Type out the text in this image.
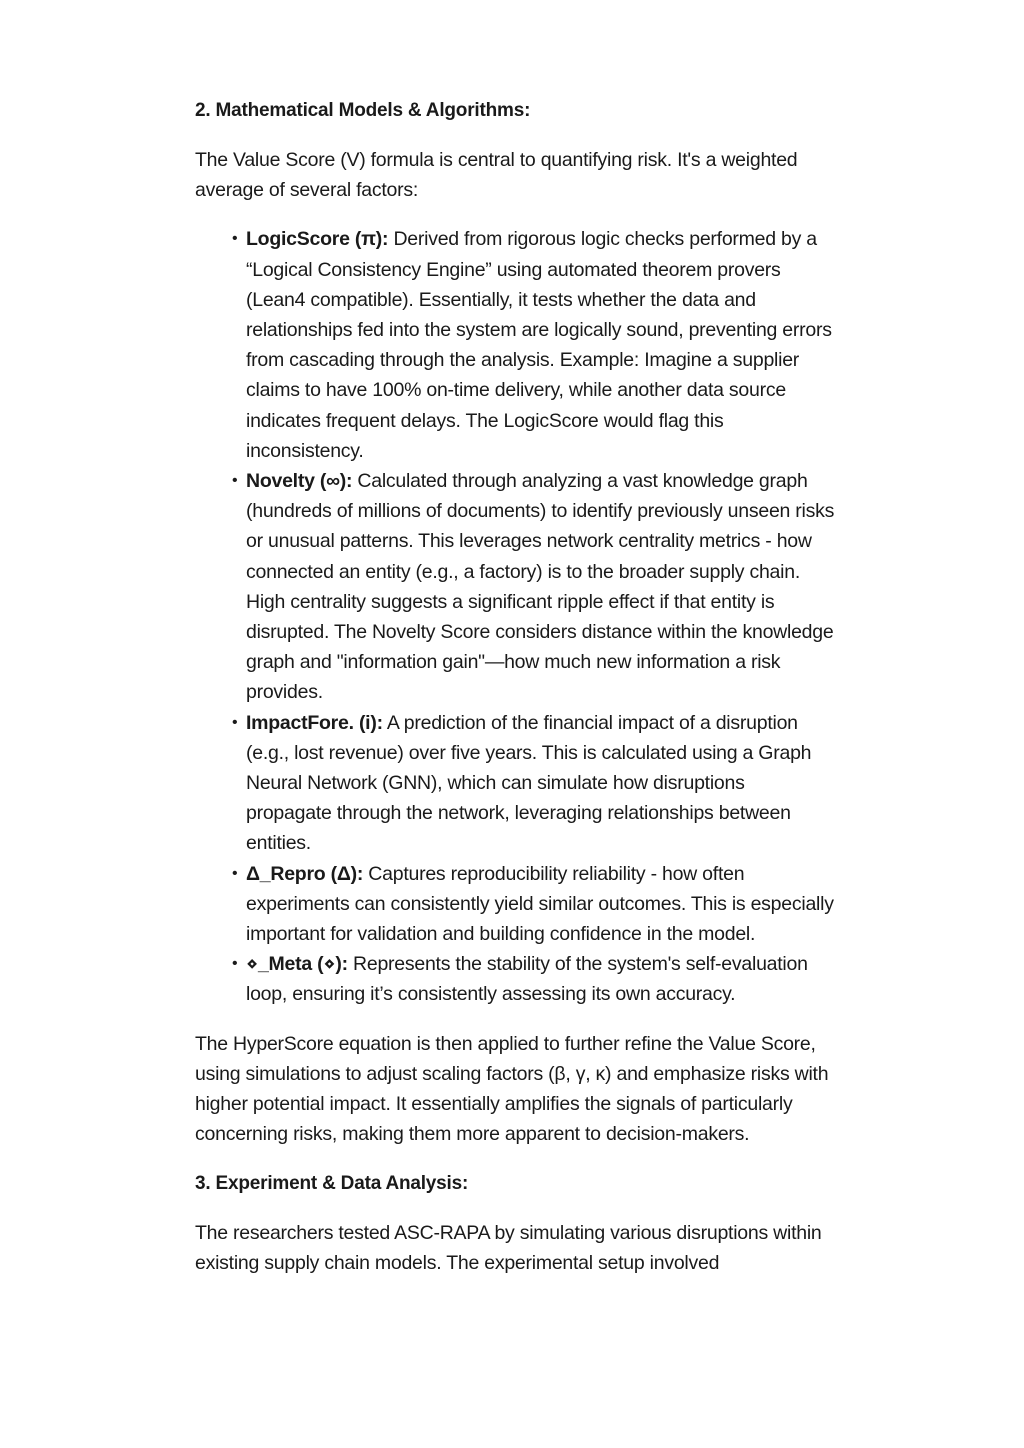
2. Mathematical Models & Algorithms:

The Value Score (V) formula is central to quantifying risk. It's a weighted average of several factors:

• LogicScore (π): Derived from rigorous logic checks performed by a “Logical Consistency Engine” using automated theorem provers (Lean4 compatible). Essentially, it tests whether the data and relationships fed into the system are logically sound, preventing errors from cascading through the analysis. Example: Imagine a supplier claims to have 100% on-time delivery, while another data source indicates frequent delays. The LogicScore would flag this inconsistency.
• Novelty (∞): Calculated through analyzing a vast knowledge graph (hundreds of millions of documents) to identify previously unseen risks or unusual patterns. This leverages network centrality metrics - how connected an entity (e.g., a factory) is to the broader supply chain. High centrality suggests a significant ripple effect if that entity is disrupted. The Novelty Score considers distance within the knowledge graph and "information gain"—how much new information a risk provides.
• ImpactFore. (i): A prediction of the financial impact of a disruption (e.g., lost revenue) over five years. This is calculated using a Graph Neural Network (GNN), which can simulate how disruptions propagate through the network, leveraging relationships between entities.
• Δ_Repro (Δ): Captures reproducibility reliability - how often experiments can consistently yield similar outcomes. This is especially important for validation and building confidence in the model.
• ⋄_Meta (⋄): Represents the stability of the system's self-evaluation loop, ensuring it’s consistently assessing its own accuracy.

The HyperScore equation is then applied to further refine the Value Score, using simulations to adjust scaling factors (β, γ, κ) and emphasize risks with higher potential impact. It essentially amplifies the signals of particularly concerning risks, making them more apparent to decision-makers.

3. Experiment & Data Analysis:

The researchers tested ASC-RAPA by simulating various disruptions within existing supply chain models. The experimental setup involved
